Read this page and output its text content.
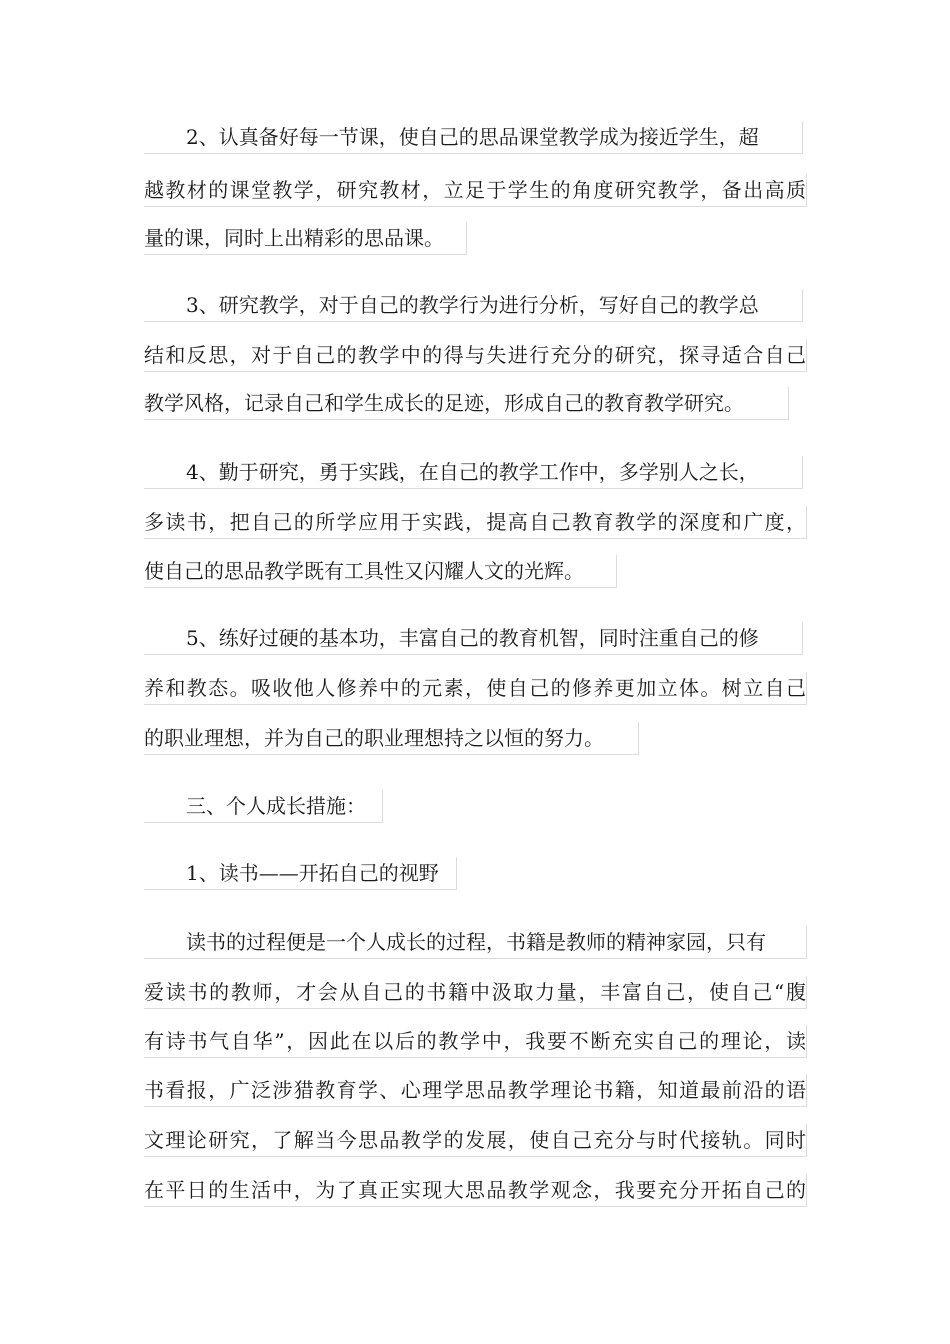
2、认真备好每一节课，使自己的思品课堂教学成为接近学生，超
越教材的课堂教学，研究教材，立足于学生的角度研究教学，备出高质
量的课，同时上出精彩的思品课。
3、研究教学，对于自己的教学行为进行分析，写好自己的教学总
结和反思，对于自己的教学中的得与失进行充分的研究，探寻适合自己
教学风格，记录自己和学生成长的足迹，形成自己的教育教学研究。
4、勤于研究，勇于实践，在自己的教学工作中，多学别人之长，
多读书，把自己的所学应用于实践，提高自己教育教学的深度和广度，
使自己的思品教学既有工具性又闪耀人文的光辉。
5、练好过硬的基本功，丰富自己的教育机智，同时注重自己的修
养和教态。吸收他人修养中的元素，使自己的修养更加立体。树立自己
的职业理想，并为自己的职业理想持之以恒的努力。
三、个人成长措施：
1、读书——开拓自己的视野
读书的过程便是一个人成长的过程，书籍是教师的精神家园，只有
爱读书的教师，才会从自己的书籍中汲取力量，丰富自己，使自己“腹
有诗书气自华”，因此在以后的教学中，我要不断充实自己的理论，读
书看报，广泛涉猎教育学、心理学思品教学理论书籍，知道最前沿的语
文理论研究，了解当今思品教学的发展，使自己充分与时代接轨。同时
在平日的生活中，为了真正实现大思品教学观念，我要充分开拓自己的
